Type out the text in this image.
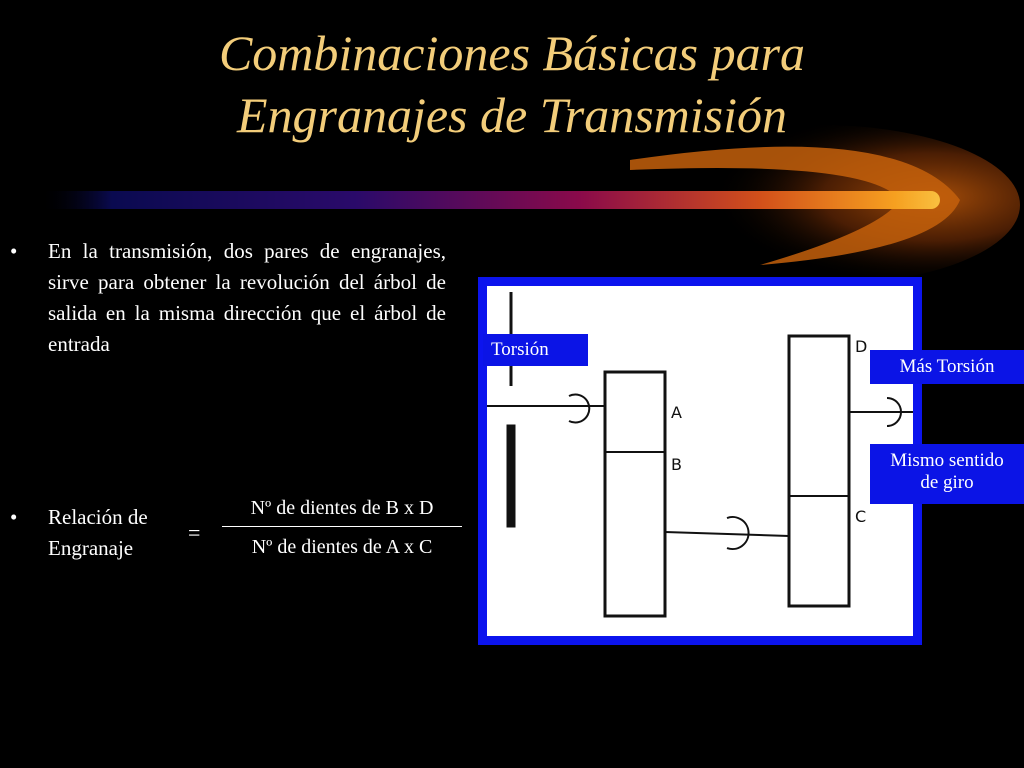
Combinaciones Básicas para
Engranajes de Transmisión
• En la transmisión, dos pares de engranajes, sirve para obtener la revolución del árbol de salida en la misma dirección que el árbol de entrada
• Relación de Engranaje
=
Nº de dientes de B x D
Nº de dientes de A x C
A
B
D
C
Torsión
Más Torsión
Mismo sentido
de giro
